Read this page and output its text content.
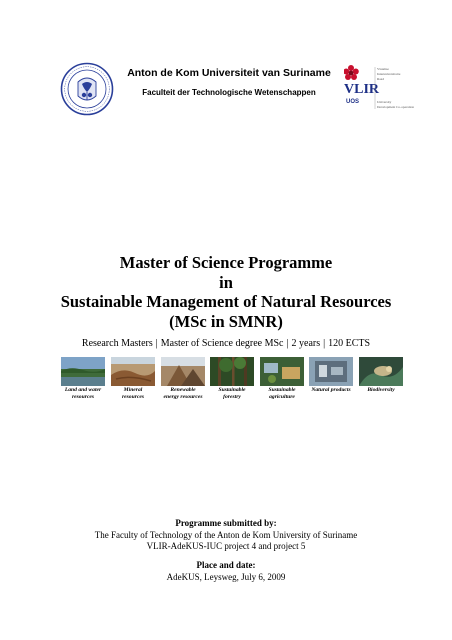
Anton de Kom Universiteit van Suriname
Faculteit der Technologische Wetenschappen	VLIR
UOS
Vlaamse
Interuniversitaire
Raad
University
Development Co-operation
Master of Science Programme
in
Sustainable Management of Natural Resources
(MSc in SMNR)
Research Masters | Master of Science degree MSc | 2 years | 120 ECTS
Land and water
resources
Mineral
resources
Renewable
energy resources
Sustainable
forestry
Sustainable
agriculture
Natural products	Biodiversity
Programme submitted by:
The Faculty of Technology of the Anton de Kom University of Suriname
VLIR-AdeKUS-IUC project 4 and project 5
Place and date:
AdeKUS, Leysweg, July 6, 2009
